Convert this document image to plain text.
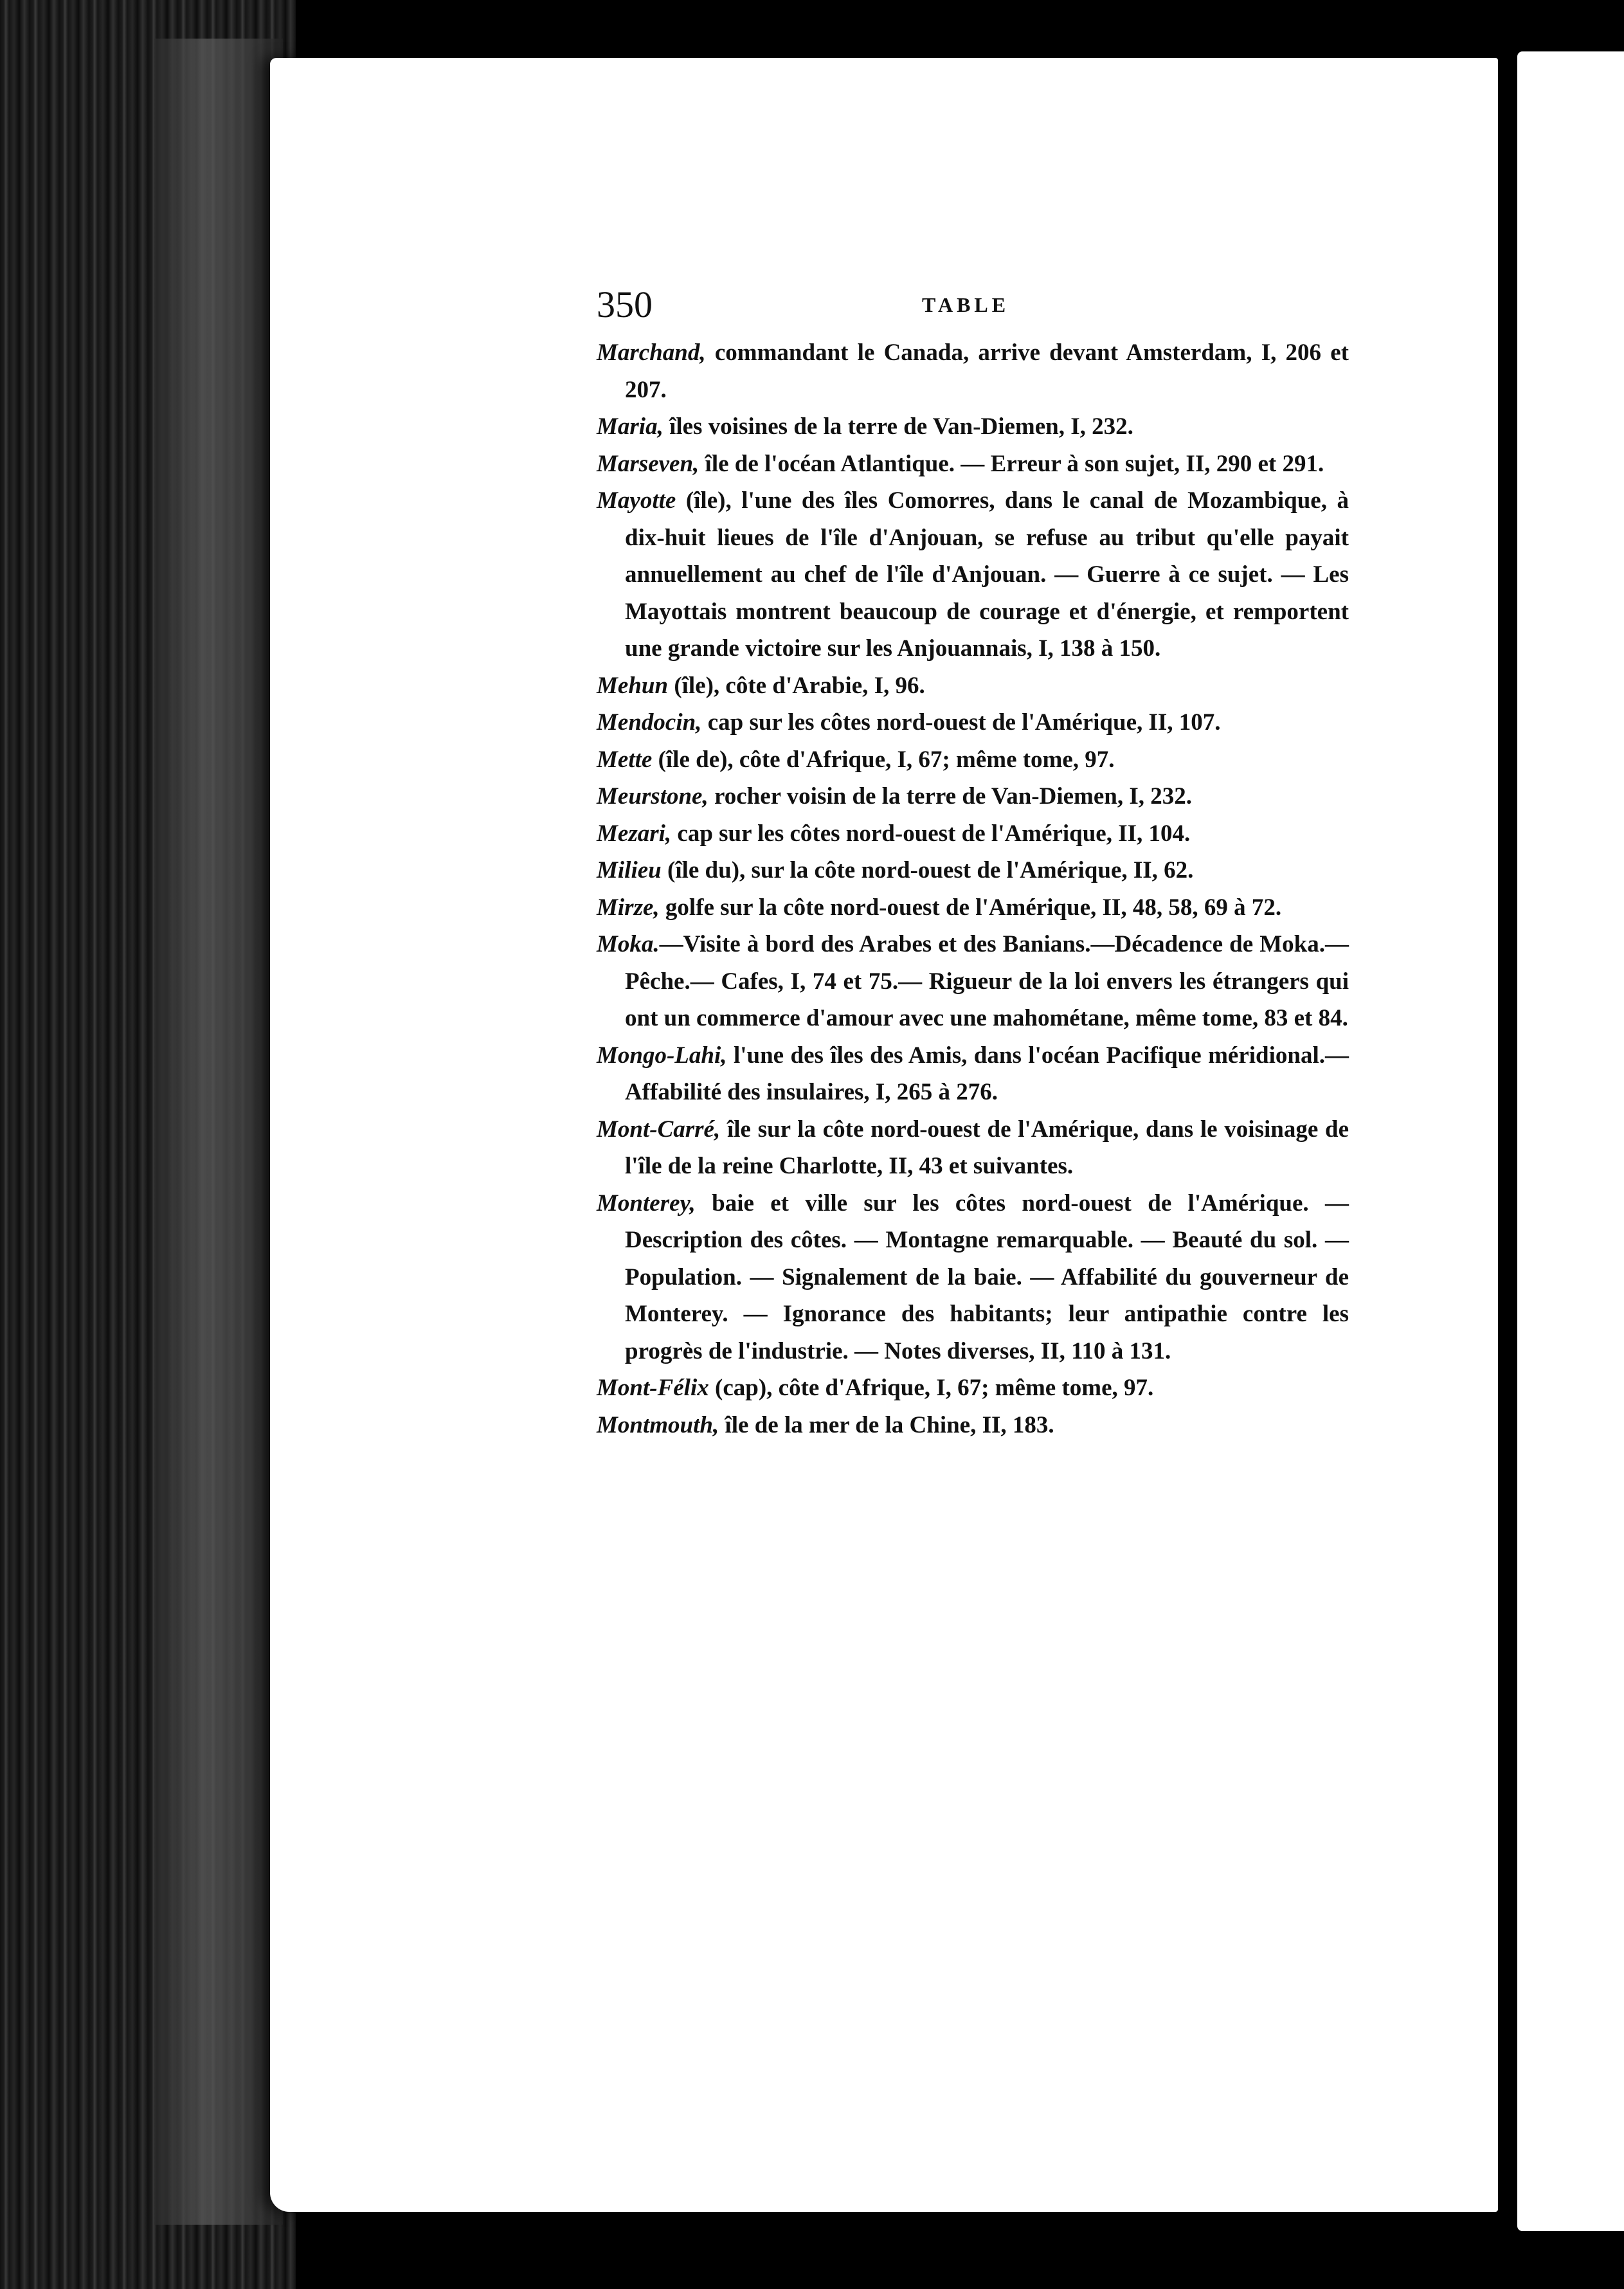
350	TABLE
Marchand, commandant le Canada, arrive devant Amsterdam, I, 206 et 207.
Maria, îles voisines de la terre de Van-Diemen, I, 232.
Marseven, île de l'océan Atlantique. — Erreur à son sujet, II, 290 et 291.
Mayotte (île), l'une des îles Comorres, dans le canal de Mozambique, à dix-huit lieues de l'île d'Anjouan, se refuse au tribut qu'elle payait annuellement au chef de l'île d'Anjouan. — Guerre à ce sujet. — Les Mayottais montrent beaucoup de courage et d'énergie, et remportent une grande victoire sur les Anjouannais, I, 138 à 150.
Mehun (île), côte d'Arabie, I, 96.
Mendocin, cap sur les côtes nord-ouest de l'Amérique, II, 107.
Mette (île de), côte d'Afrique, I, 67; même tome, 97.
Meurstone, rocher voisin de la terre de Van-Diemen, I, 232.
Mezari, cap sur les côtes nord-ouest de l'Amérique, II, 104.
Milieu (île du), sur la côte nord-ouest de l'Amérique, II, 62.
Mirze, golfe sur la côte nord-ouest de l'Amérique, II, 48, 58, 69 à 72.
Moka.—Visite à bord des Arabes et des Banians.—Décadence de Moka.—Pêche.— Cafes, I, 74 et 75.— Rigueur de la loi envers les étrangers qui ont un commerce d'amour avec une mahométane, même tome, 83 et 84.
Mongo-Lahi, l'une des îles des Amis, dans l'océan Pacifique méridional.—Affabilité des insulaires, I, 265 à 276.
Mont-Carré, île sur la côte nord-ouest de l'Amérique, dans le voisinage de l'île de la reine Charlotte, II, 43 et suivantes.
Monterey, baie et ville sur les côtes nord-ouest de l'Amérique. — Description des côtes. — Montagne remarquable. — Beauté du sol. — Population. — Signalement de la baie. — Affabilité du gouverneur de Monterey. — Ignorance des habitants; leur antipathie contre les progrès de l'industrie. — Notes diverses, II, 110 à 131.
Mont-Félix (cap), côte d'Afrique, I, 67; même tome, 97.
Montmouth, île de la mer de la Chine, II, 183.
